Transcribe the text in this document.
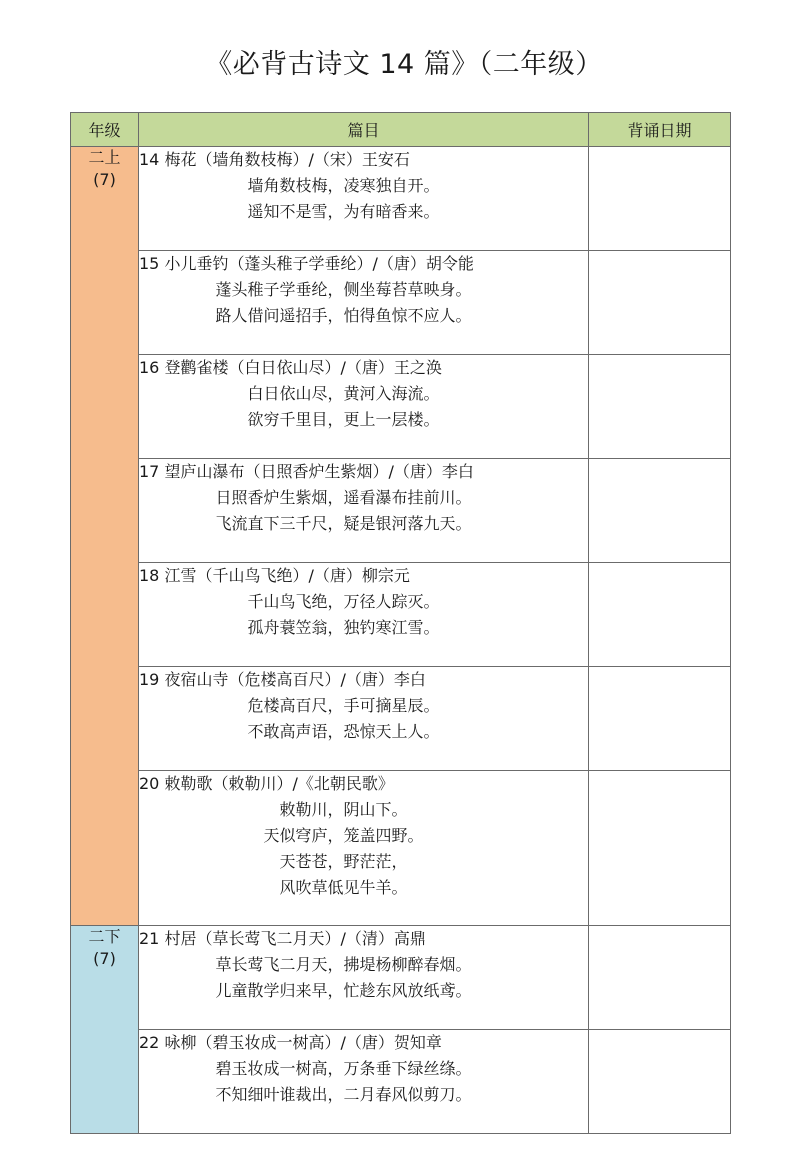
《必背古诗文 14 篇》（二年级）
年级	篇目	背诵日期

二上
(7)	14 梅花（墙角数枝梅）/（宋）王安石
墙角数枝梅，凌寒独自开。
遥知不是雪，为有暗香来。	

	15 小儿垂钓（蓬头稚子学垂纶）/（唐）胡令能
蓬头稚子学垂纶，侧坐莓苔草映身。
路人借问遥招手，怕得鱼惊不应人。	

	16 登鹳雀楼（白日依山尽）/（唐）王之涣
白日依山尽，黄河入海流。
欲穷千里目，更上一层楼。	

	17 望庐山瀑布（日照香炉生紫烟）/（唐）李白
日照香炉生紫烟，遥看瀑布挂前川。
飞流直下三千尺，疑是银河落九天。	

	18 江雪（千山鸟飞绝）/（唐）柳宗元
千山鸟飞绝，万径人踪灭。
孤舟蓑笠翁，独钓寒江雪。	

	19 夜宿山寺（危楼高百尺）/（唐）李白
危楼高百尺，手可摘星辰。
不敢高声语，恐惊天上人。	

	20 敕勒歌（敕勒川）/《北朝民歌》
敕勒川，阴山下。
天似穹庐，笼盖四野。
天苍苍，野茫茫，
风吹草低见牛羊。	

二下
(7)	21 村居（草长莺飞二月天）/（清）高鼎
草长莺飞二月天，拂堤杨柳醉春烟。
儿童散学归来早，忙趁东风放纸鸢。	

	22 咏柳（碧玉妆成一树高）/（唐）贺知章
碧玉妆成一树高，万条垂下绿丝绦。
不知细叶谁裁出，二月春风似剪刀。	
